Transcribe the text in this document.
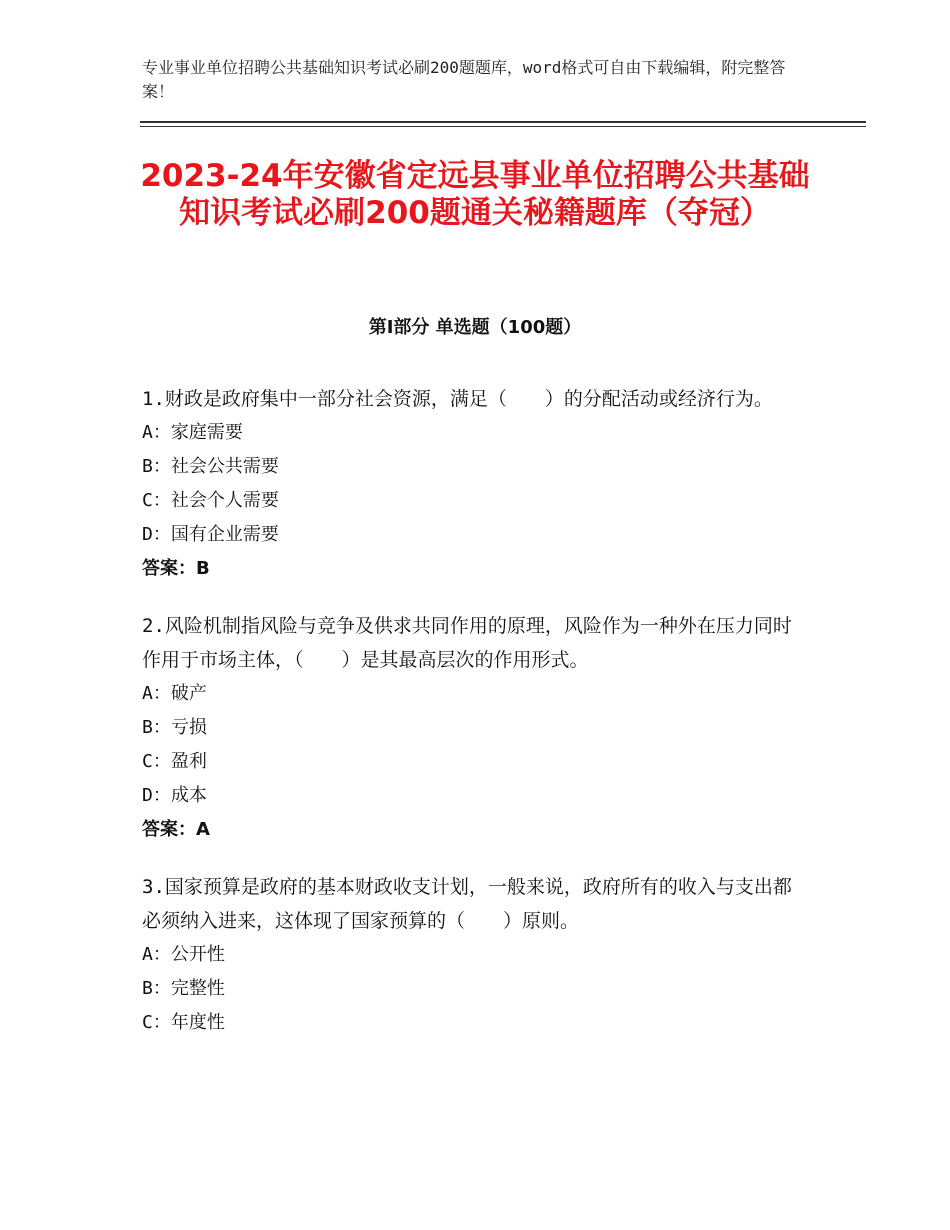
专业事业单位招聘公共基础知识考试必刷200题题库，word格式可自由下载编辑，附完整答案！
2023-24年安徽省定远县事业单位招聘公共基础知识考试必刷200题通关秘籍题库（夺冠）
第Ⅰ部分 单选题（100题）
1.财政是政府集中一部分社会资源，满足（　　）的分配活动或经济行为。
A：家庭需要
B：社会公共需要
C：社会个人需要
D：国有企业需要
答案：B
2.风险机制指风险与竞争及供求共同作用的原理，风险作为一种外在压力同时作用于市场主体，（　　）是其最高层次的作用形式。
A：破产
B：亏损
C：盈利
D：成本
答案：A
3.国家预算是政府的基本财政收支计划，一般来说，政府所有的收入与支出都必须纳入进来，这体现了国家预算的（　　）原则。
A：公开性
B：完整性
C：年度性
